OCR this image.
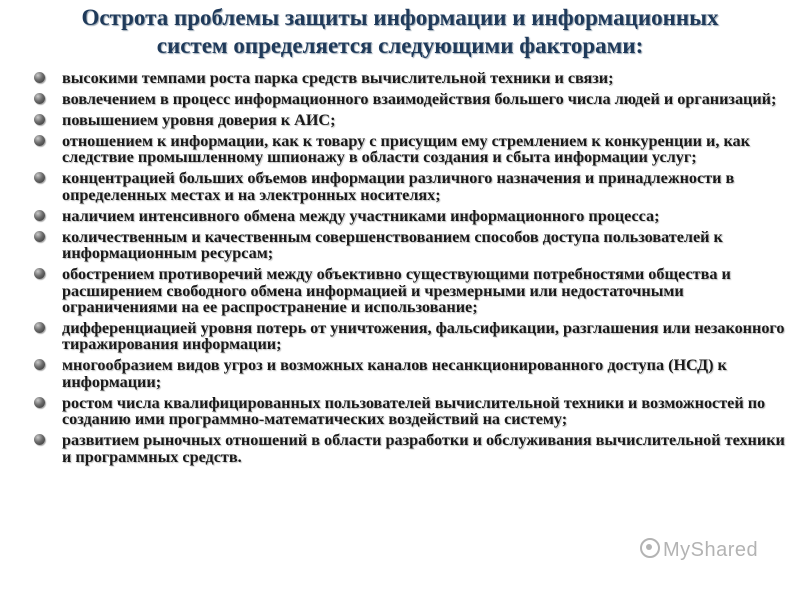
Острота проблемы защиты информации и информационных
систем определяется следующими факторами:
высокими темпами роста парка средств вычислительной техники и связи;
вовлечением в процесс информационного взаимодействия большего числа людей и организаций;
повышением уровня доверия к АИС;
отношением к информации, как к товару с присущим ему стремлением к конкуренции и, как следствие промышленному шпионажу в области создания и сбыта информации услуг;
концентрацией больших объемов информации различного назначения и принадлежности в определенных местах и на электронных носителях;
наличием интенсивного обмена между участниками информационного процесса;
количественным и качественным совершенствованием способов доступа пользователей к информационным ресурсам;
обострением противоречий между объективно существующими потребностями общества и расширением свободного обмена информацией и чрезмерными или недостаточными ограничениями на ее распространение и использование;
дифференциацией уровня потерь от уничтожения, фальсификации, разглашения или незаконного тиражирования информации;
многообразием видов угроз и возможных каналов несанкционированного доступа (НСД) к информации;
ростом числа квалифицированных пользователей вычислительной техники и возможностей по созданию ими программно-математических воздействий на систему;
развитием рыночных отношений в области разработки и обслуживания вычислительной техники и программных средств.
MyShared
